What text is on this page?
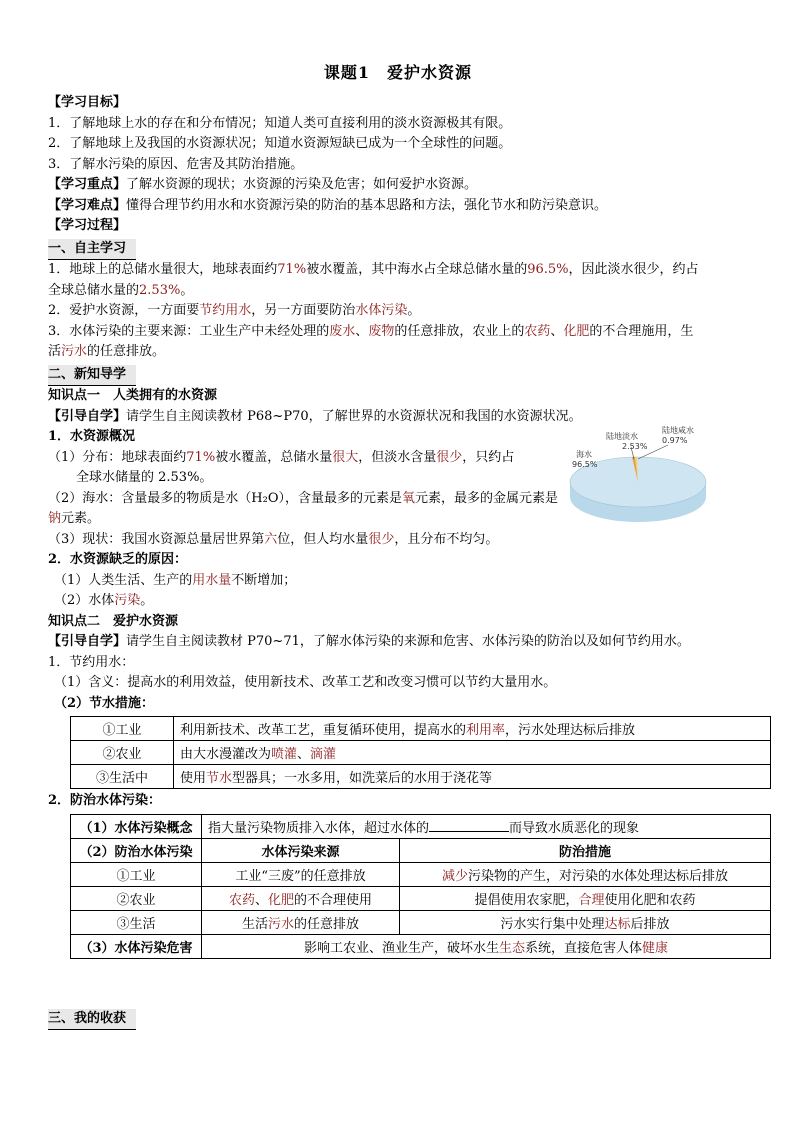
课题1　爱护水资源
【学习目标】
1．了解地球上水的存在和分布情况；知道人类可直接利用的淡水资源极其有限。
2．了解地球上及我国的水资源状况；知道水资源短缺已成为一个全球性的问题。
3．了解水污染的原因、危害及其防治措施。
【学习重点】了解水资源的现状；水资源的污染及危害；如何爱护水资源。
【学习难点】懂得合理节约用水和水资源污染的防治的基本思路和方法，强化节水和防污染意识。
【学习过程】
一、自主学习
1．地球上的总储水量很大，地球表面约71%被水覆盖，其中海水占全球总储水量的96.5%，因此淡水很少，约占
全球总储水量的2.53%。
2．爱护水资源，一方面要节约用水，另一方面要防治水体污染。
3．水体污染的主要来源：工业生产中未经处理的废水、废物的任意排放，农业上的农药、化肥的不合理施用，生
活污水的任意排放。
二、新知导学
知识点一　人类拥有的水资源
【引导自学】请学生自主阅读教材 P68~P70，了解世界的水资源状况和我国的水资源状况。
1．水资源概况
（1）分布：地球表面约71%被水覆盖，总储水量很大，但淡水含量很少，只约占
全球水储量的 2.53%。
（2）海水：含量最多的物质是水（H₂O），含量最多的元素是氧元素，最多的金属元素是
钠元素。
（3）现状：我国水资源总量居世界第六位，但人均水量很少，且分布不均匀。
2．水资源缺乏的原因：
（1）人类生活、生产的用水量不断增加；
（2）水体污染。
知识点二　爱护水资源
【引导自学】请学生自主阅读教材 P70~71，了解水体污染的来源和危害、水体污染的防治以及如何节约用水。
1．节约用水：
（1）含义：提高水的利用效益，使用新技术、改革工艺和改变习惯可以节约大量用水。
（2）节水措施：
①工业	利用新技术、改革工艺，重复循环使用，提高水的利用率，污水处理达标后排放
②农业	由大水漫灌改为喷灌、滴灌
③生活中	使用节水型器具；一水多用，如洗菜后的水用于浇花等
2．防治水体污染：
（1）水体污染概念	指大量污染物质排入水体，超过水体的 而导致水质恶化的现象	
（2）防治水体污染	水体污染来源	防治措施
①工业	工业“三废”的任意排放	减少污染物的产生，对污染的水体处理达标后排放
②农业	农药、化肥的不合理使用	提倡使用农家肥，合理使用化肥和农药
③生活	生活污水的任意排放	污水实行集中处理达标后排放
（3）水体污染危害	影响工农业、渔业生产，破坏水生生态系统，直接危害人体健康	
三、我的收获
陆地淡水
2.53%
陆地咸水
0.97%
海水
96.5%
